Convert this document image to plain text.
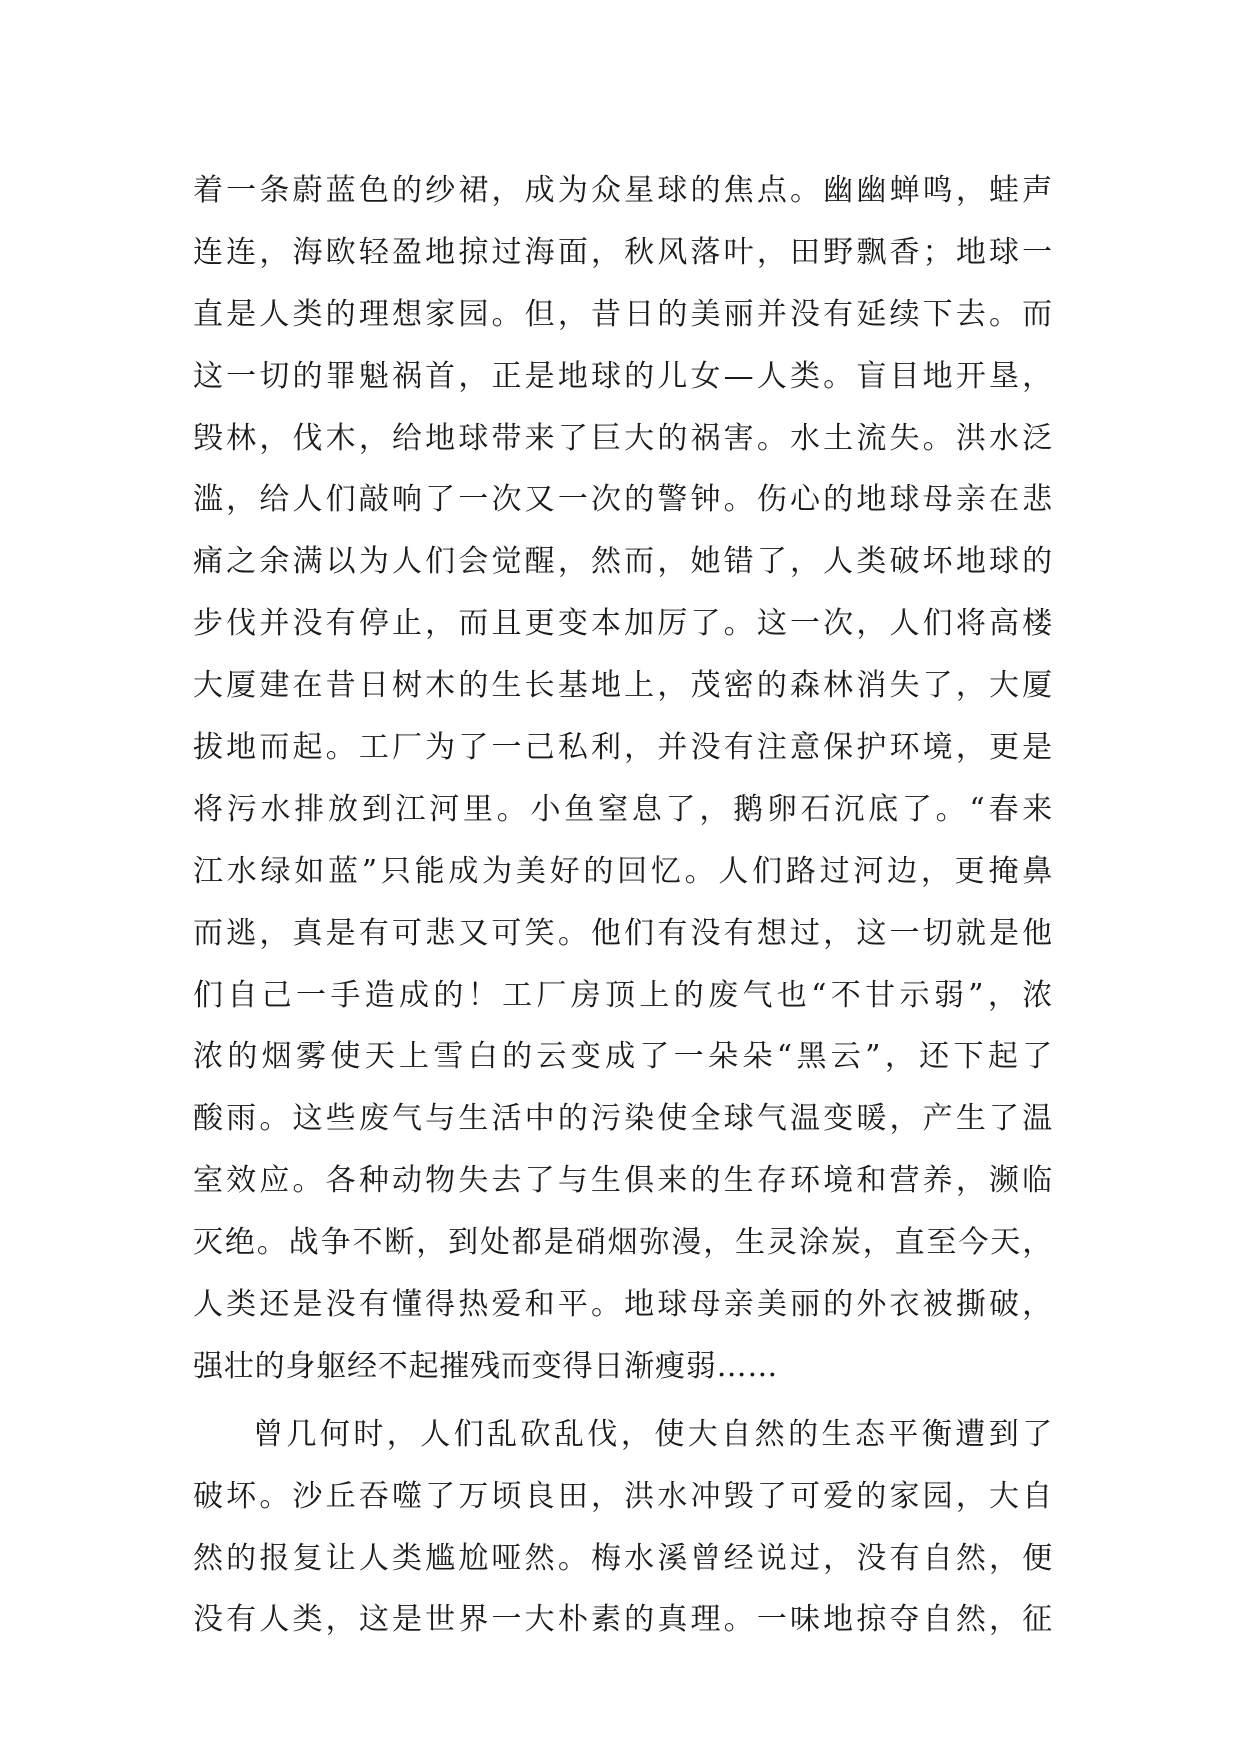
着一条蔚蓝色的纱裙，成为众星球的焦点。幽幽蝉鸣，蛙声
连连，海欧轻盈地掠过海面，秋风落叶，田野飘香；地球一
直是人类的理想家园。但，昔日的美丽并没有延续下去。而
这一切的罪魁祸首，正是地球的儿女—人类。盲目地开垦，
毁林，伐木，给地球带来了巨大的祸害。水土流失。洪水泛
滥，给人们敲响了一次又一次的警钟。伤心的地球母亲在悲
痛之余满以为人们会觉醒，然而，她错了，人类破坏地球的
步伐并没有停止，而且更变本加厉了。这一次，人们将高楼
大厦建在昔日树木的生长基地上，茂密的森林消失了，大厦
拔地而起。工厂为了一己私利，并没有注意保护环境，更是
将污水排放到江河里。小鱼窒息了，鹅卵石沉底了。“春来
江水绿如蓝”只能成为美好的回忆。人们路过河边，更掩鼻
而逃，真是有可悲又可笑。他们有没有想过，这一切就是他
们自己一手造成的！工厂房顶上的废气也“不甘示弱”，浓
浓的烟雾使天上雪白的云变成了一朵朵“黑云”，还下起了
酸雨。这些废气与生活中的污染使全球气温变暖，产生了温
室效应。各种动物失去了与生俱来的生存环境和营养，濒临
灭绝。战争不断，到处都是硝烟弥漫，生灵涂炭，直至今天，
人类还是没有懂得热爱和平。地球母亲美丽的外衣被撕破，
强壮的身躯经不起摧残而变得日渐瘦弱……
曾几何时，人们乱砍乱伐，使大自然的生态平衡遭到了
破坏。沙丘吞噬了万顷良田，洪水冲毁了可爱的家园，大自
然的报复让人类尴尬哑然。梅水溪曾经说过，没有自然，便
没有人类，这是世界一大朴素的真理。一味地掠夺自然，征
